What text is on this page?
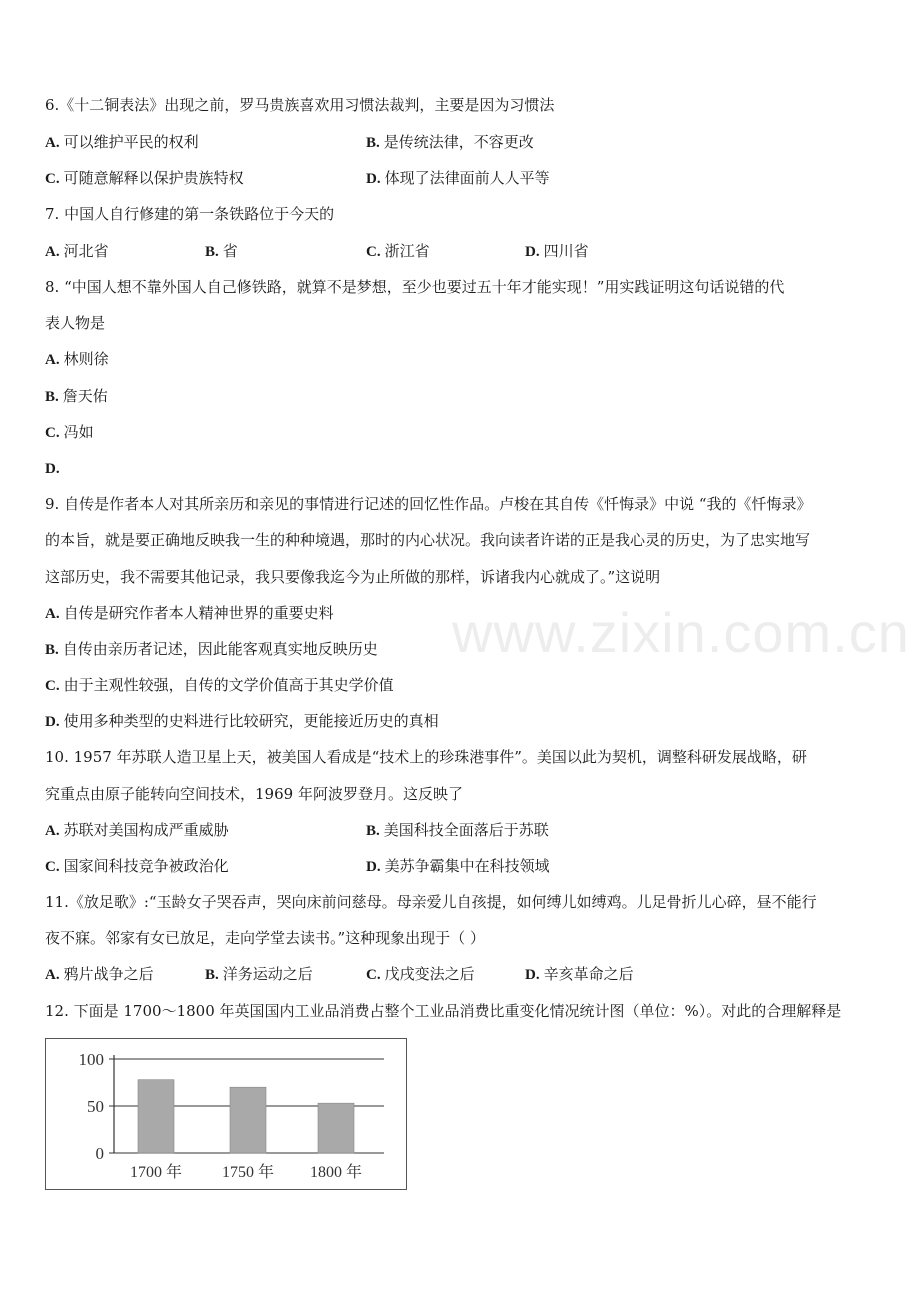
www.zixin.com.cn
6.《十二铜表法》出现之前，罗马贵族喜欢用习惯法裁判，主要是因为习惯法
A. 可以维护平民的权利	B. 是传统法律，不容更改
C. 可随意解释以保护贵族特权	D. 体现了法律面前人人平等
7. 中国人自行修建的第一条铁路位于今天的
A. 河北省	B. 省	C. 浙江省	D. 四川省
8. “中国人想不靠外国人自己修铁路，就算不是梦想，至少也要过五十年才能实现！”用实践证明这句话说错的代
表人物是
A. 林则徐
B. 詹天佑
C. 冯如
D.
9. 自传是作者本人对其所亲历和亲见的事情进行记述的回忆性作品。卢梭在其自传《忏悔录》中说 “我的《忏悔录》
的本旨，就是要正确地反映我一生的种种境遇，那时的内心状况。我向读者许诺的正是我心灵的历史，为了忠实地写
这部历史，我不需要其他记录，我只要像我迄今为止所做的那样，诉诸我内心就成了。”这说明
A. 自传是研究作者本人精神世界的重要史料
B. 自传由亲历者记述，因此能客观真实地反映历史
C. 由于主观性较强，自传的文学价值高于其史学价值
D. 使用多种类型的史料进行比较研究，更能接近历史的真相
10. 1957 年苏联人造卫星上天，被美国人看成是“技术上的珍珠港事件”。美国以此为契机，调整科研发展战略，研
究重点由原子能转向空间技术，1969 年阿波罗登月。这反映了
A. 苏联对美国构成严重威胁	B. 美国科技全面落后于苏联
C. 国家间科技竞争被政治化	D. 美苏争霸集中在科技领域
11.《放足歌》:“玉龄女子哭吞声，哭向床前问慈母。母亲爱儿自孩提，如何缚儿如缚鸡。儿足骨折儿心碎，昼不能行
夜不寐。邻家有女已放足，走向学堂去读书。”这种现象出现于（ ）
A. 鸦片战争之后	B. 洋务运动之后	C. 戊戌变法之后	D. 辛亥革命之后
12. 下面是 1700～1800 年英国国内工业品消费占整个工业品消费比重变化情况统计图（单位：%）。对此的合理解释是
0
50
100
1700 年 1750 年 1800 年
